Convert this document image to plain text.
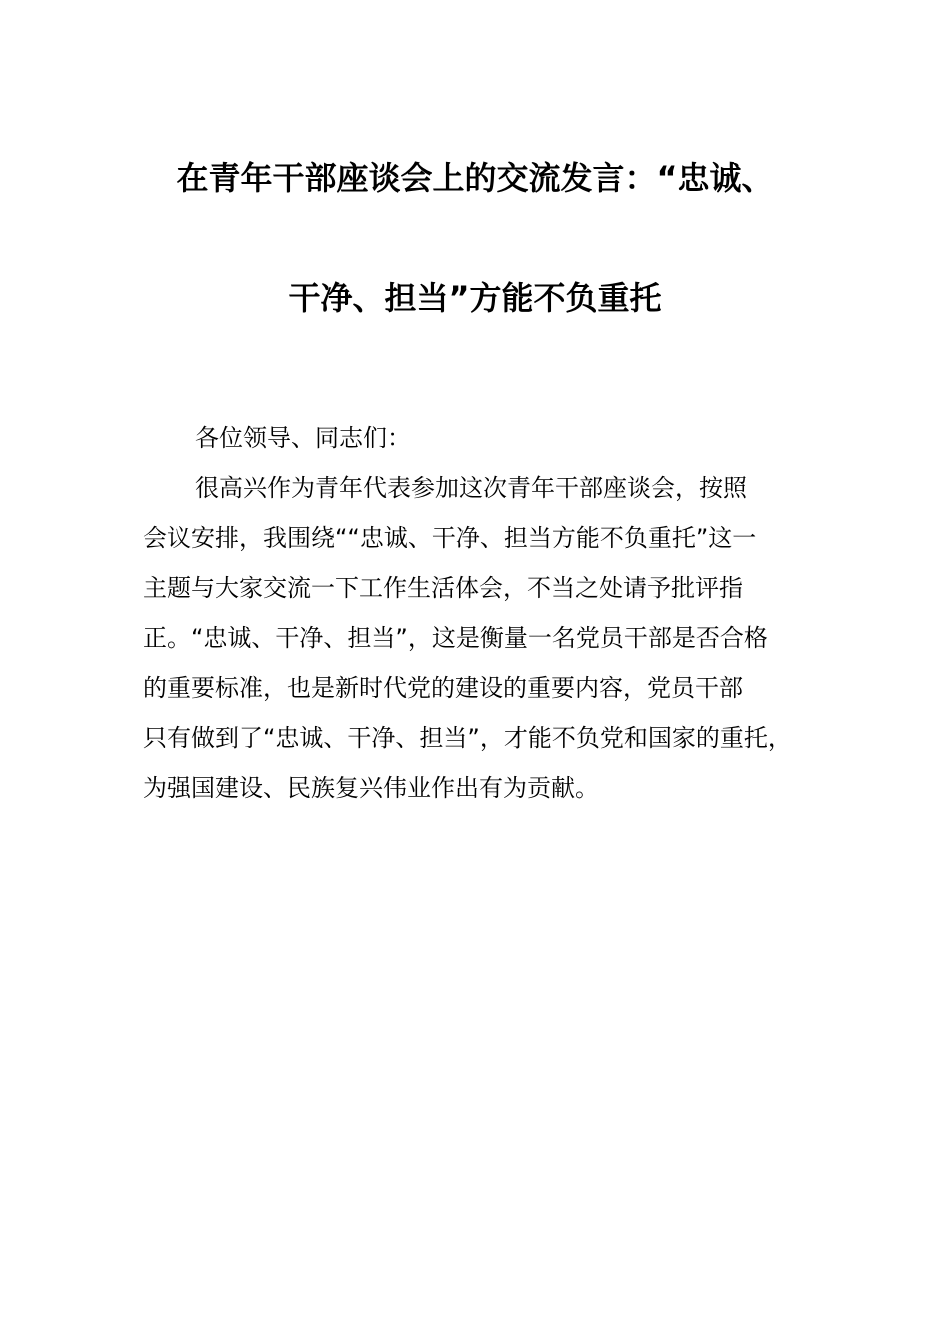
在青年干部座谈会上的交流发言：“忠诚、
干净、担当”方能不负重托
各位领导、同志们：
很高兴作为青年代表参加这次青年干部座谈会，按照
会议安排，我围绕““忠诚、干净、担当方能不负重托”这一
主题与大家交流一下工作生活体会，不当之处请予批评指
正。“忠诚、干净、担当”，这是衡量一名党员干部是否合格
的重要标准，也是新时代党的建设的重要内容，党员干部
只有做到了“忠诚、干净、担当”，才能不负党和国家的重托，
为强国建设、民族复兴伟业作出有为贡献。
